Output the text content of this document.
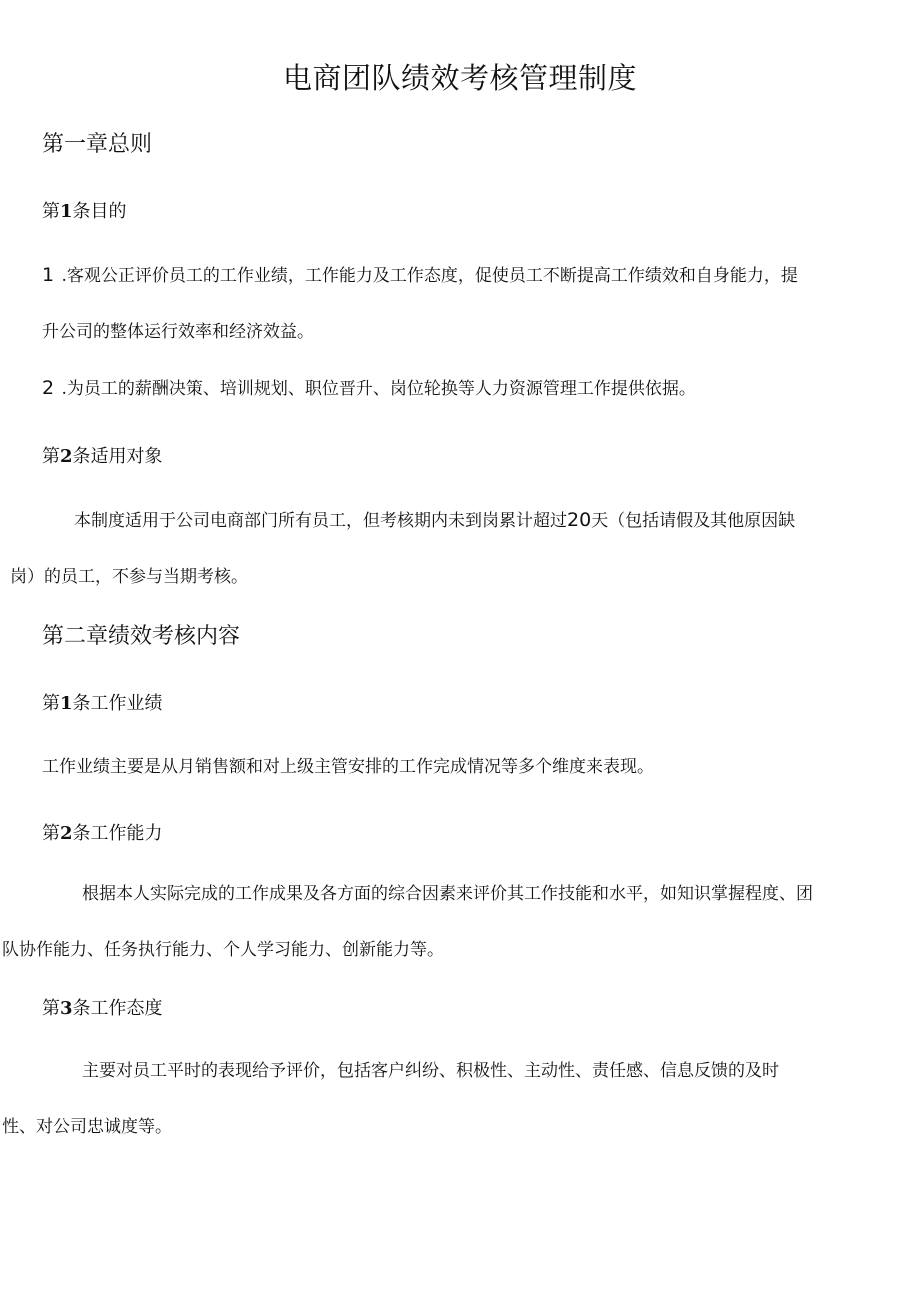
电商团队绩效考核管理制度
第一章总则
第1条目的
1 .客观公正评价员工的工作业绩，工作能力及工作态度，促使员工不断提高工作绩效和自身能力，提
升公司的整体运行效率和经济效益。
2 .为员工的薪酬决策、培训规划、职位晋升、岗位轮换等人力资源管理工作提供依据。
第2条适用对象
本制度适用于公司电商部门所有员工，但考核期内未到岗累计超过20天（包括请假及其他原因缺
岗）的员工，不参与当期考核。
第二章绩效考核内容
第1条工作业绩
工作业绩主要是从月销售额和对上级主管安排的工作完成情况等多个维度来表现。
第2条工作能力
根据本人实际完成的工作成果及各方面的综合因素来评价其工作技能和水平，如知识掌握程度、团
队协作能力、任务执行能力、个人学习能力、创新能力等。
第3条工作态度
主要对员工平时的表现给予评价，包括客户纠纷、积极性、主动性、责任感、信息反馈的及时
性、对公司忠诚度等。
